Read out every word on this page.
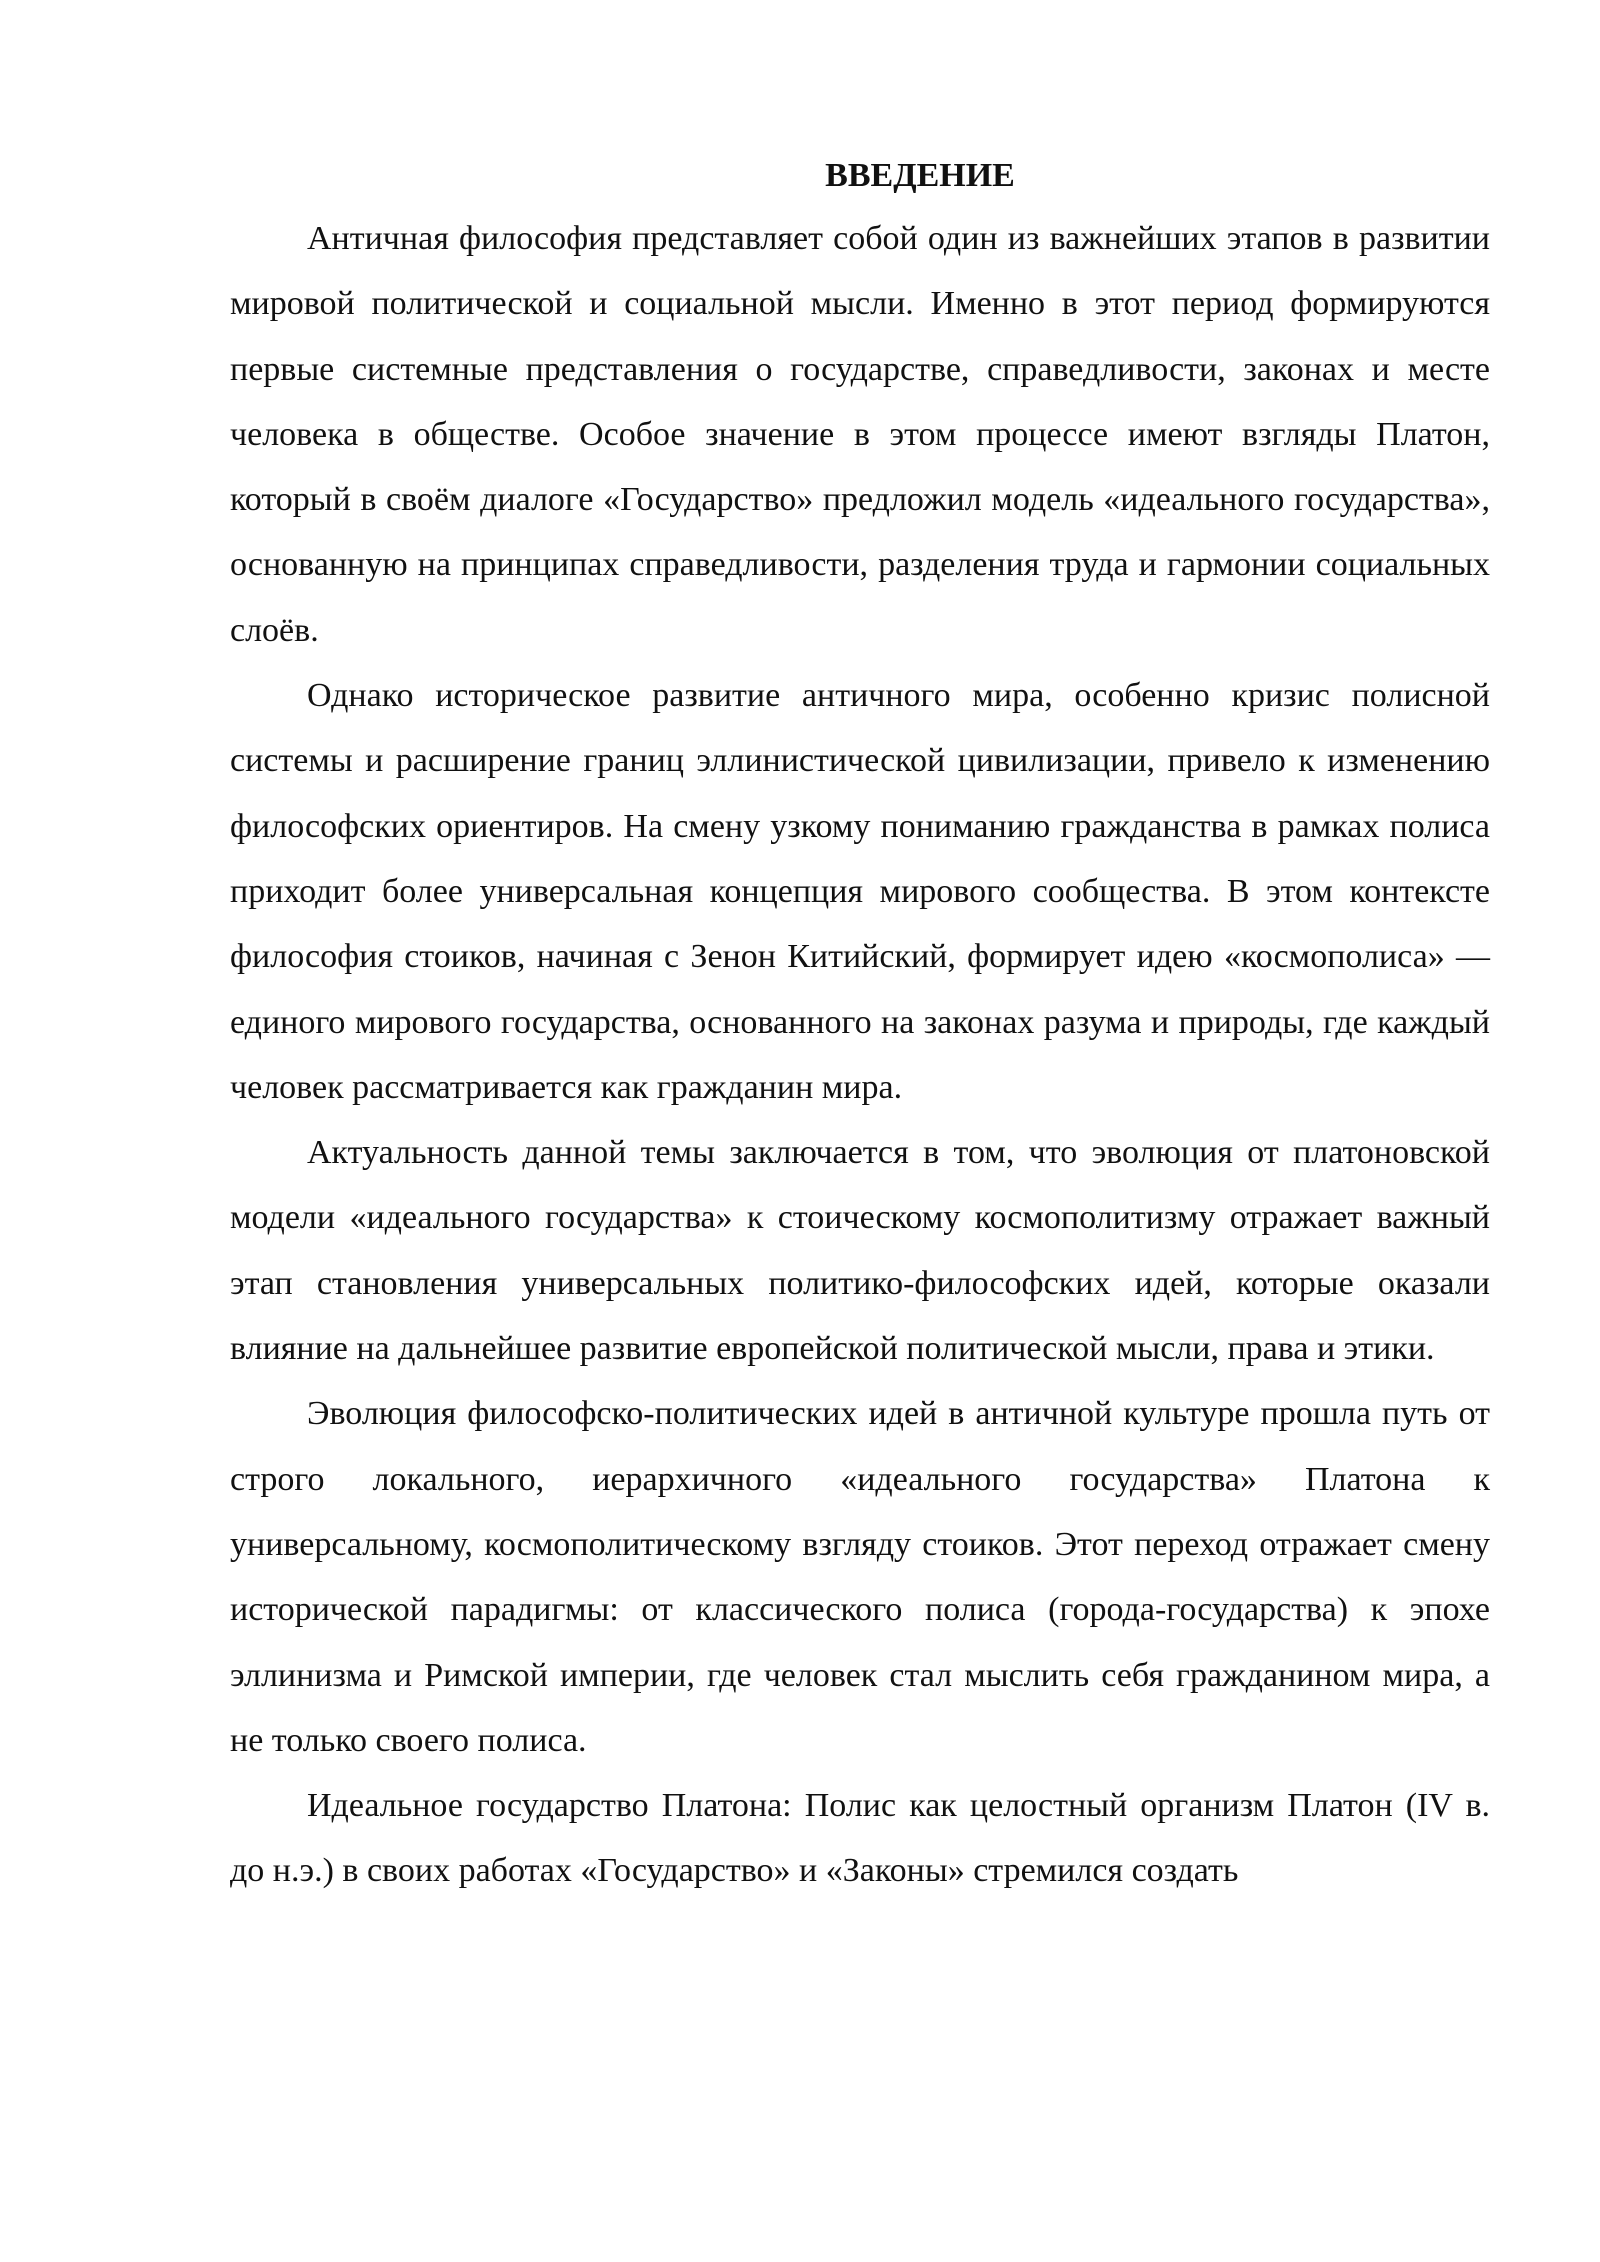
ВВЕДЕНИЕ

Античная философия представляет собой один из важнейших этапов в развитии мировой политической и социальной мысли. Именно в этот период формируются первые системные представления о государстве, справедливости, законах и месте человека в обществе. Особое значение в этом процессе имеют взгляды Платон, который в своём диалоге «Государство» предложил модель «идеального государства», основанную на принципах справедливости, разделения труда и гармонии социальных слоёв.

Однако историческое развитие античного мира, особенно кризис полисной системы и расширение границ эллинистической цивилизации, привело к изменению философских ориентиров. На смену узкому пониманию гражданства в рамках полиса приходит более универсальная концепция мирового сообщества. В этом контексте философия стоиков, начиная с Зенон Китийский, формирует идею «космополиса» — единого мирового государства, основанного на законах разума и природы, где каждый человек рассматривается как гражданин мира.

Актуальность данной темы заключается в том, что эволюция от платоновской модели «идеального государства» к стоическому космополитизму отражает важный этап становления универсальных политико-философских идей, которые оказали влияние на дальнейшее развитие европейской политической мысли, права и этики.

Эволюция философско-политических идей в античной культуре прошла путь от строго локального, иерархичного «идеального государства» Платона к универсальному, космополитическому взгляду стоиков. Этот переход отражает смену исторической парадигмы: от классического полиса (города-государства) к эпохе эллинизма и Римской империи, где человек стал мыслить себя гражданином мира, а не только своего полиса.

Идеальное государство Платона: Полис как целостный организм Платон (IV в. до н.э.) в своих работах «Государство» и «Законы» стремился создать
